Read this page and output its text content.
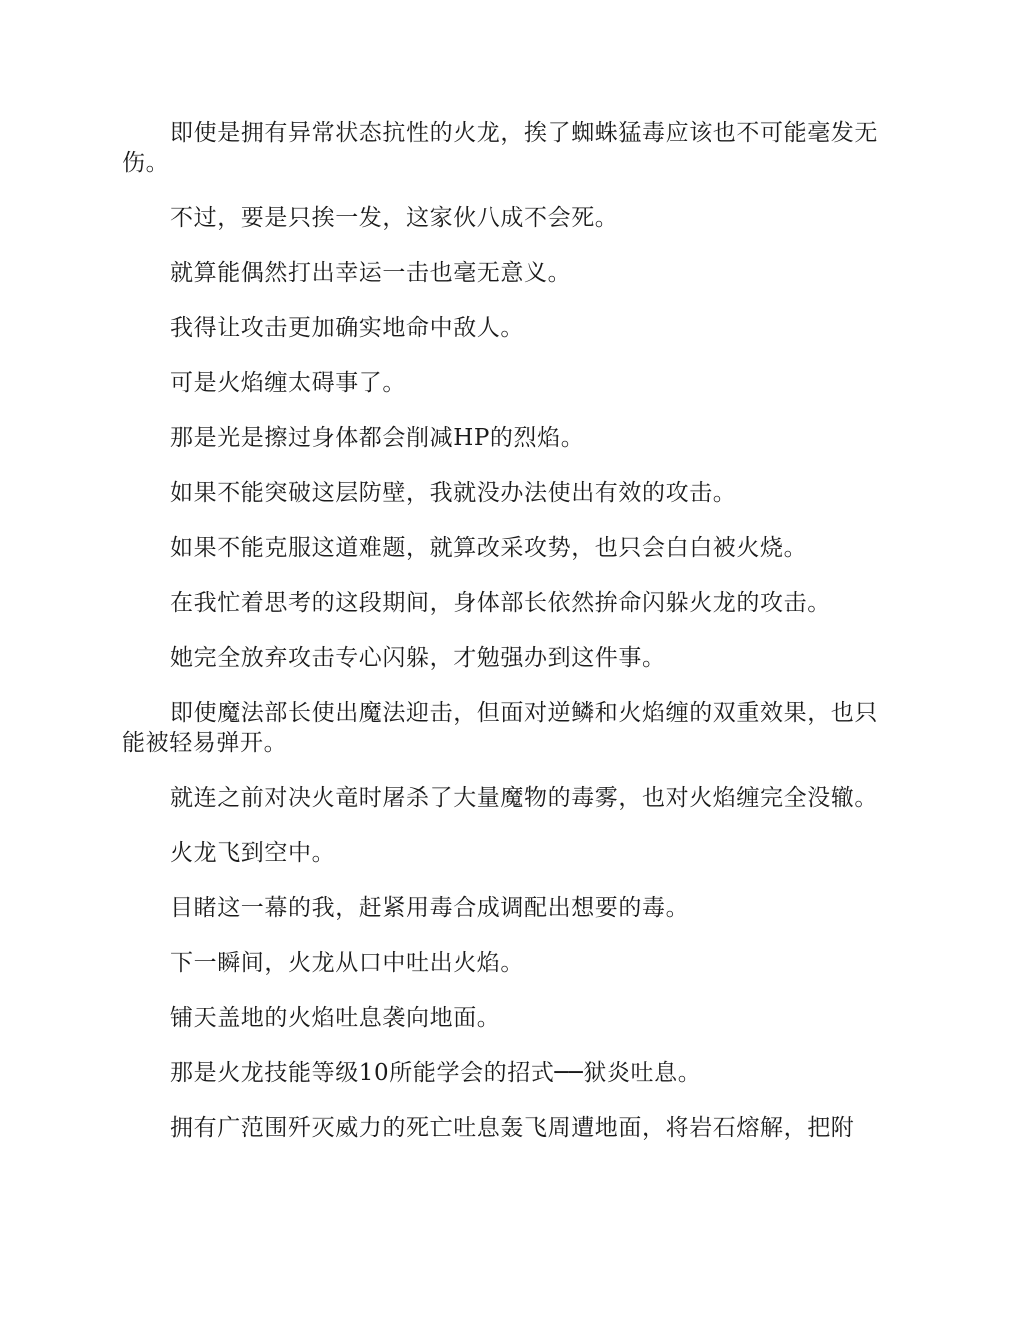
即使是拥有异常状态抗性的火龙，挨了蜘蛛猛毒应该也不可能毫发无伤。

不过，要是只挨一发，这家伙八成不会死。

就算能偶然打出幸运一击也毫无意义。

我得让攻击更加确实地命中敌人。

可是火焰缠太碍事了。

那是光是擦过身体都会削减HP的烈焰。

如果不能突破这层防壁，我就没办法使出有效的攻击。

如果不能克服这道难题，就算改采攻势，也只会白白被火烧。

在我忙着思考的这段期间，身体部长依然拚命闪躲火龙的攻击。

她完全放弃攻击专心闪躲，才勉强办到这件事。

即使魔法部长使出魔法迎击，但面对逆鳞和火焰缠的双重效果，也只能被轻易弹开。

就连之前对决火竜时屠杀了大量魔物的毒雾，也对火焰缠完全没辙。

火龙飞到空中。

目睹这一幕的我，赶紧用毒合成调配出想要的毒。

下一瞬间，火龙从口中吐出火焰。

铺天盖地的火焰吐息袭向地面。

那是火龙技能等级10所能学会的招式──狱炎吐息。

拥有广范围歼灭威力的死亡吐息轰飞周遭地面，将岩石熔解，把附
